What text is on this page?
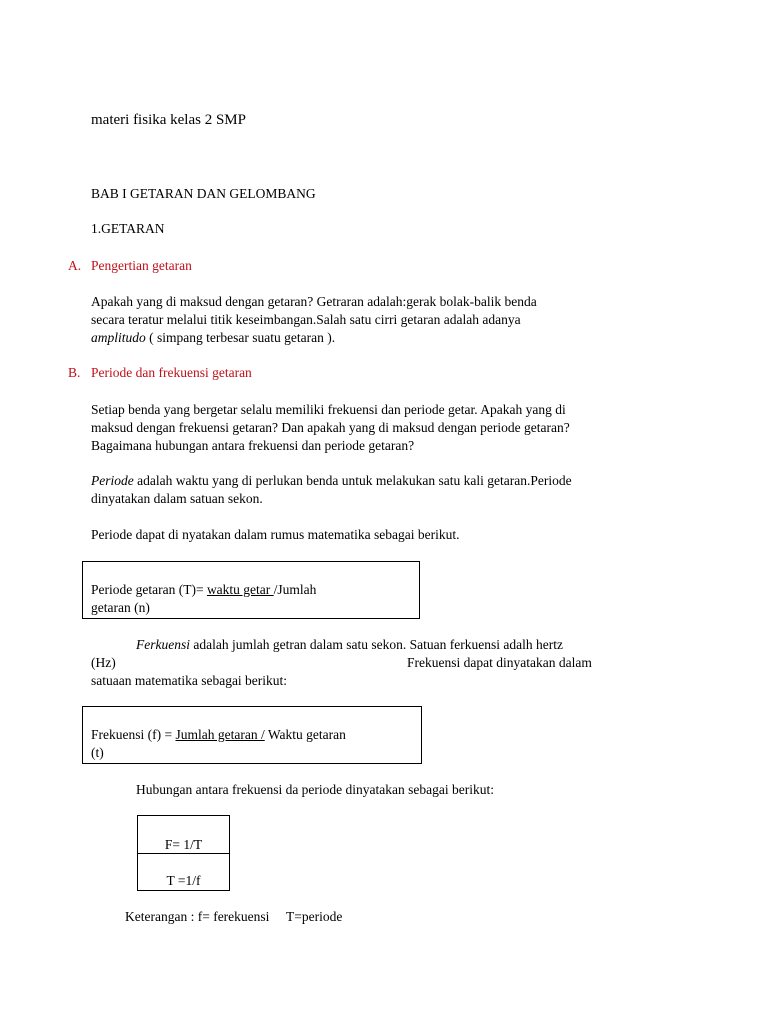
materi fisika kelas 2 SMP
BAB I GETARAN DAN GELOMBANG
1.GETARAN
A. Pengertian getaran
Apakah yang di maksud dengan getaran? Getraran adalah:gerak bolak-balik benda
secara teratur melalui titik keseimbangan.Salah satu cirri getaran adalah adanya
amplitudo ( simpang terbesar suatu getaran ).
B. Periode dan frekuensi getaran
Setiap benda yang bergetar selalu memiliki frekuensi dan periode getar. Apakah yang di
maksud dengan frekuensi getaran? Dan apakah yang di maksud dengan periode getaran?
Bagaimana hubungan antara frekuensi dan periode getaran?
Periode adalah waktu yang di perlukan benda untuk melakukan satu kali getaran.Periode
dinyatakan dalam satuan sekon.
Periode dapat di nyatakan dalam rumus matematika sebagai berikut.
Periode getaran (T)= waktu getar /Jumlah
getaran (n)
Ferkuensi adalah jumlah getran dalam satu sekon. Satuan ferkuensi adalh hertz
(Hz)	Frekuensi dapat dinyatakan dalam
satuaan matematika sebagai berikut:
Frekuensi (f) = Jumlah getaran / Waktu getaran
(t)
Hubungan antara frekuensi da periode dinyatakan sebagai berikut:
F= 1/T
T =1/f
Keterangan : f= ferekuensi     T=periode
